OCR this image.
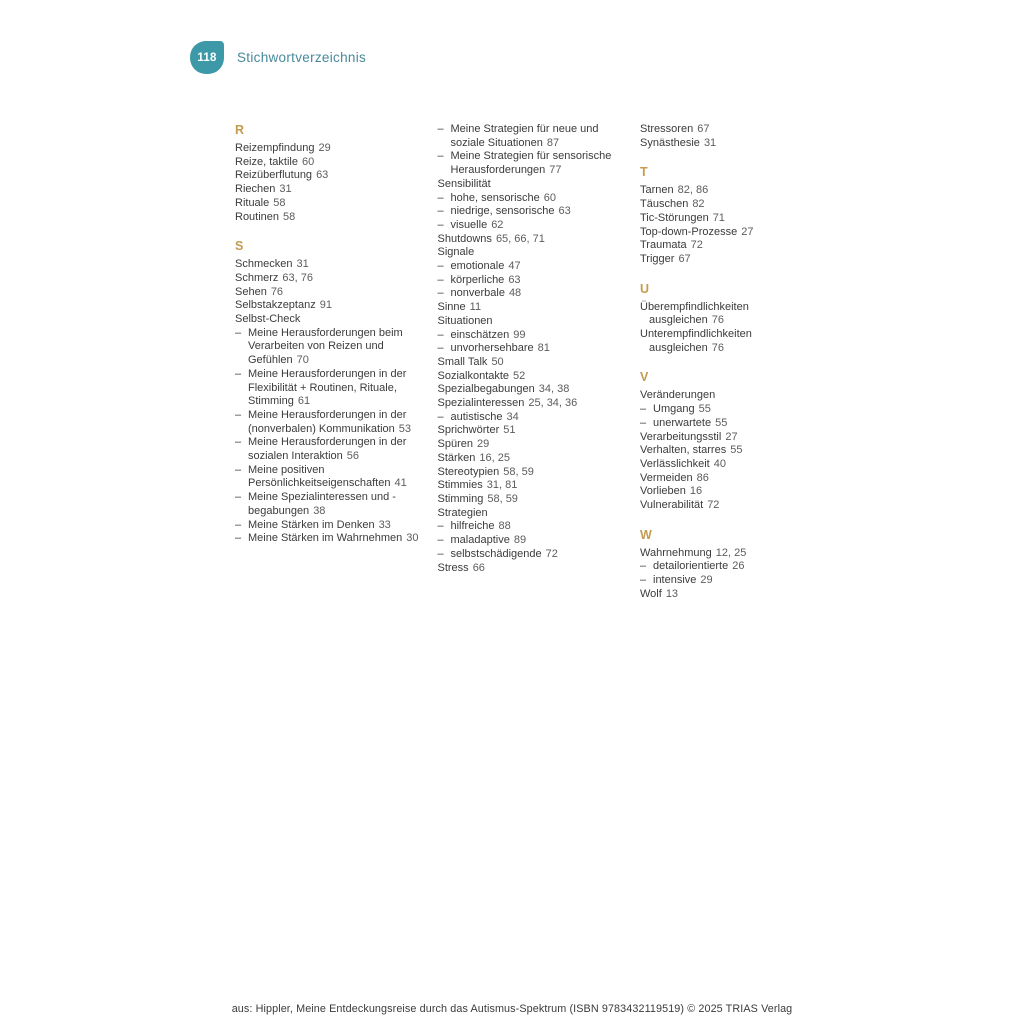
118 Stichwortverzeichnis
R
Reizempfindung 29
Reize, taktile 60
Reizüberflutung 63
Riechen 31
Rituale 58
Routinen 58
S
Schmecken 31
Schmerz 63, 76
Sehen 76
Selbstakzeptanz 91
Selbst-Check
– Meine Herausforderungen beim Verarbeiten von Reizen und Gefühlen 70
– Meine Herausforderungen in der Flexibilität + Routinen, Rituale, Stimming 61
– Meine Herausforderungen in der (nonverbalen) Kommunikation 53
– Meine Herausforderungen in der sozialen Interaktion 56
– Meine positiven Persönlichkeitseigenschaften 41
– Meine Spezialinteressen und -begabungen 38
– Meine Stärken im Denken 33
– Meine Stärken im Wahrnehmen 30
– Meine Strategien für neue und soziale Situationen 87
– Meine Strategien für sensorische Herausforderungen 77
Sensibilität
– hohe, sensorische 60
– niedrige, sensorische 63
– visuelle 62
Shutdowns 65, 66, 71
Signale
– emotionale 47
– körperliche 63
– nonverbale 48
Sinne 11
Situationen
– einschätzen 99
– unvorhersehbare 81
Small Talk 50
Sozialkontakte 52
Spezialbegabungen 34, 38
Spezialinteressen 25, 34, 36
– autistische 34
Sprichwörter 51
Spüren 29
Stärken 16, 25
Stereotypien 58, 59
Stimmies 31, 81
Stimming 58, 59
Strategien
– hilfreiche 88
– maladaptive 89
– selbstschädigende 72
Stress 66
Stressoren 67
Synästhesie 31
T
Tarnen 82, 86
Täuschen 82
Tic-Störungen 71
Top-down-Prozesse 27
Traumata 72
Trigger 67
U
Überempfindlichkeiten
ausgleichen 76
Unterempfindlichkeiten
ausgleichen 76
V
Veränderungen
– Umgang 55
– unerwartete 55
Verarbeitungsstil 27
Verhalten, starres 55
Verlässlichkeit 40
Vermeiden 86
Vorlieben 16
Vulnerabilität 72
W
Wahrnehmung 12, 25
– detailorientierte 26
– intensive 29
Wolf 13
aus: Hippler, Meine Entdeckungsreise durch das Autismus-Spektrum (ISBN 9783432119519) © 2025 TRIAS Verlag
